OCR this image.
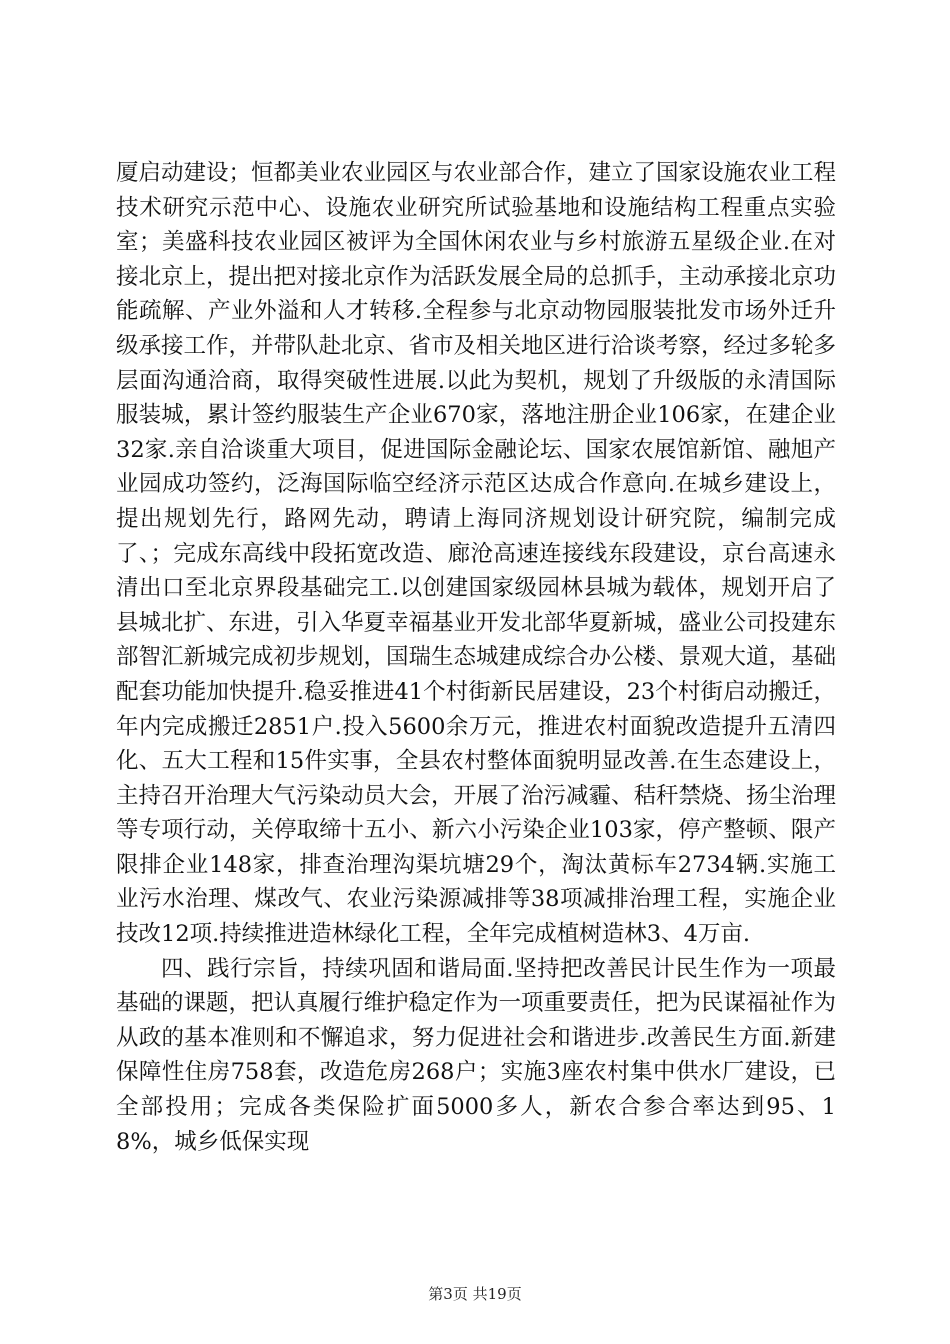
厦启动建设；恒都美业农业园区与农业部合作，建立了国家设施农业工程技术研究示范中心、设施农业研究所试验基地和设施结构工程重点实验室；美盛科技农业园区被评为全国休闲农业与乡村旅游五星级企业.在对接北京上，提出把对接北京作为活跃发展全局的总抓手，主动承接北京功能疏解、产业外溢和人才转移.全程参与北京动物园服装批发市场外迁升级承接工作，并带队赴北京、省市及相关地区进行洽谈考察，经过多轮多层面沟通洽商，取得突破性进展.以此为契机，规划了升级版的永清国际服装城，累计签约服装生产企业670家，落地注册企业106家，在建企业32家.亲自洽谈重大项目，促进国际金融论坛、国家农展馆新馆、融旭产业园成功签约，泛海国际临空经济示范区达成合作意向.在城乡建设上，提出规划先行，路网先动，聘请上海同济规划设计研究院，编制完成了、；完成东高线中段拓宽改造、廊沧高速连接线东段建设，京台高速永清出口至北京界段基础完工.以创建国家级园林县城为载体，规划开启了县城北扩、东进，引入华夏幸福基业开发北部华夏新城，盛业公司投建东部智汇新城完成初步规划，国瑞生态城建成综合办公楼、景观大道，基础配套功能加快提升.稳妥推进41个村街新民居建设，23个村街启动搬迁，年内完成搬迁2851户.投入5600余万元，推进农村面貌改造提升五清四化、五大工程和15件实事，全县农村整体面貌明显改善.在生态建设上，主持召开治理大气污染动员大会，开展了治污减霾、秸秆禁烧、扬尘治理等专项行动，关停取缔十五小、新六小污染企业103家，停产整顿、限产限排企业148家，排查治理沟渠坑塘29个，淘汰黄标车2734辆.实施工业污水治理、煤改气、农业污染源减排等38项减排治理工程，实施企业技改12项.持续推进造林绿化工程，全年完成植树造林3、4万亩.

四、践行宗旨，持续巩固和谐局面.坚持把改善民计民生作为一项最基础的课题，把认真履行维护稳定作为一项重要责任，把为民谋福祉作为从政的基本准则和不懈追求，努力促进社会和谐进步.改善民生方面.新建保障性住房758套，改造危房268户；实施3座农村集中供水厂建设，已全部投用；完成各类保险扩面5000多人，新农合参合率达到95、18%，城乡低保实现

第3页 共19页
